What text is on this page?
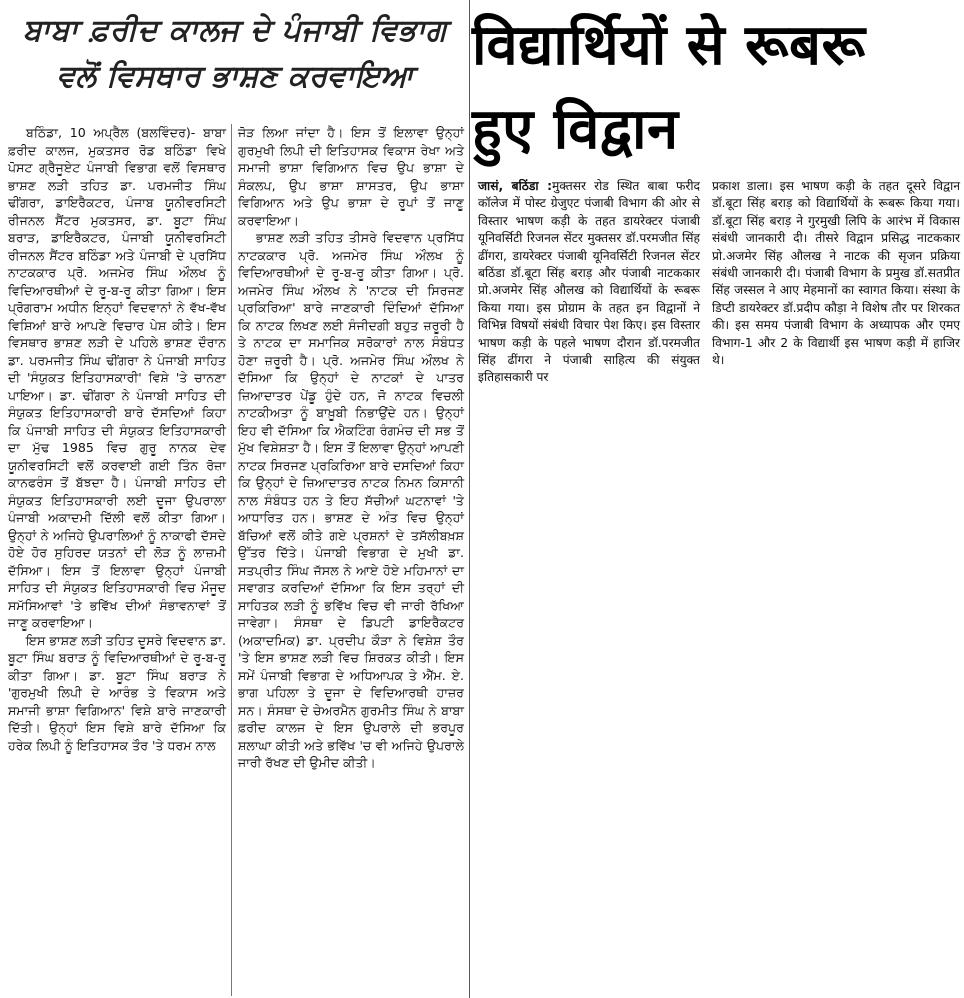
ਬਾਬਾ ਫ਼ਰੀਦ ਕਾਲਜ ਦੇ ਪੰਜਾਬੀ ਵਿਭਾਗ
ਵਲੋਂ ਵਿਸਥਾਰ ਭਾਸ਼ਣ ਕਰਵਾਇਆ

ਬਠਿੰਡਾ, 10 ਅਪ੍ਰੈਲ (ਬਲਵਿੰਦਰ)- ਬਾਬਾ ਫ਼ਰੀਦ ਕਾਲਜ, ਮੁਕਤਸਰ ਰੋਡ ਬਠਿੰਡਾ ਵਿਖੇ ਪੋਸਟ ਗ੍ਰੈਜੂਏਟ ਪੰਜਾਬੀ ਵਿਭਾਗ ਵਲੋਂ ਵਿਸਥਾਰ ਭਾਸ਼ਣ ਲੜੀ ਤਹਿਤ ਡਾ. ਪਰਮਜੀਤ ਸਿੰਘ ਢੀਂਗਰਾ, ਡਾਇਰੈਕਟਰ, ਪੰਜਾਬ ਯੂਨੀਵਰਸਿਟੀ ਰੀਜਨਲ ਸੈਂਟਰ ਮੁਕਤਸਰ, ਡਾ. ਬੂਟਾ ਸਿੰਘ ਬਰਾੜ, ਡਾਇਰੈਕਟਰ, ਪੰਜਾਬੀ ਯੂਨੀਵਰਸਿਟੀ ਰੀਜਨਲ ਸੈਂਟਰ ਬਠਿੰਡਾ ਅਤੇ ਪੰਜਾਬੀ ਦੇ ਪ੍ਰਸਿੱਧ ਨਾਟਕਕਾਰ ਪ੍ਰੋ. ਅਜਮੇਰ ਸਿੰਘ ਔਲਖ ਨੂੰ ਵਿਦਿਆਰਥੀਆਂ ਦੇ ਰੂ-ਬ-ਰੂ ਕੀਤਾ ਗਿਆ। ਇਸ ਪ੍ਰੋਗਰਾਮ ਅਧੀਨ ਇਨ੍ਹਾਂ ਵਿਦਵਾਨਾਂ ਨੇ ਵੱਖ-ਵੱਖ ਵਿਸ਼ਿਆਂ ਬਾਰੇ ਆਪਣੇ ਵਿਚਾਰ ਪੇਸ਼ ਕੀਤੇ। ਇਸ ਵਿਸਥਾਰ ਭਾਸ਼ਣ ਲੜੀ ਦੇ ਪਹਿਲੇ ਭਾਸ਼ਣ ਦੌਰਾਨ ਡਾ. ਪਰਮਜੀਤ ਸਿੰਘ ਢੀਂਗਰਾ ਨੇ ਪੰਜਾਬੀ ਸਾਹਿਤ ਦੀ 'ਸੰਯੁਕਤ ਇਤਿਹਾਸਕਾਰੀ' ਵਿਸ਼ੇ 'ਤੇ ਚਾਨਣਾ ਪਾਇਆ। ਡਾ. ਢੀਂਗਰਾ ਨੇ ਪੰਜਾਬੀ ਸਾਹਿਤ ਦੀ ਸੰਯੁਕਤ ਇਤਿਹਾਸਕਾਰੀ ਬਾਰੇ ਦੱਸਦਿਆਂ ਕਿਹਾ ਕਿ ਪੰਜਾਬੀ ਸਾਹਿਤ ਦੀ ਸੰਯੁਕਤ ਇਤਿਹਾਸਕਾਰੀ ਦਾ ਮੁੱਢ 1985 ਵਿਚ ਗੁਰੂ ਨਾਨਕ ਦੇਵ ਯੂਨੀਵਰਸਿਟੀ ਵਲੋਂ ਕਰਵਾਈ ਗਈ ਤਿੰਨ ਰੋਜ਼ਾ ਕਾਨਫਰੰਸ ਤੋਂ ਬੱਝਦਾ ਹੈ। ਪੰਜਾਬੀ ਸਾਹਿਤ ਦੀ ਸੰਯੁਕਤ ਇਤਿਹਾਸਕਾਰੀ ਲਈ ਦੂਜਾ ਉਪਰਾਲਾ ਪੰਜਾਬੀ ਅਕਾਦਮੀ ਦਿੱਲੀ ਵਲੋਂ ਕੀਤਾ ਗਿਆ। ਉਨ੍ਹਾਂ ਨੇ ਅਜਿਹੇ ਉਪਰਾਲਿਆਂ ਨੂੰ ਨਾਕਾਫੀ ਦੱਸਦੇ ਹੋਏ ਹੋਰ ਸੁਹਿਰਦ ਯਤਨਾਂ ਦੀ ਲੋੜ ਨੂੰ ਲਾਜ਼ਮੀ ਦੱਸਿਆ। ਇਸ ਤੋਂ ਇਲਾਵਾ ਉਨ੍ਹਾਂ ਪੰਜਾਬੀ ਸਾਹਿਤ ਦੀ ਸੰਯੁਕਤ ਇਤਿਹਾਸਕਾਰੀ ਵਿਚ ਮੌਜੂਦ ਸਮੱਸਿਆਵਾਂ 'ਤੇ ਭਵਿੱਖ ਦੀਆਂ ਸੰਭਾਵਨਾਵਾਂ ਤੋਂ ਜਾਣੂ ਕਰਵਾਇਆ।

ਇਸ ਭਾਸ਼ਣ ਲੜੀ ਤਹਿਤ ਦੂਸਰੇ ਵਿਦਵਾਨ ਡਾ. ਬੂਟਾ ਸਿੰਘ ਬਰਾੜ ਨੂੰ ਵਿਦਿਆਰਥੀਆਂ ਦੇ ਰੂ-ਬ-ਰੂ ਕੀਤਾ ਗਿਆ। ਡਾ. ਬੂਟਾ ਸਿੰਘ ਬਰਾੜ ਨੇ 'ਗੁਰਮੁਖੀ ਲਿਪੀ ਦੇ ਆਰੰਭ ਤੇ ਵਿਕਾਸ ਅਤੇ ਸਮਾਜੀ ਭਾਸ਼ਾ ਵਿਗਿਆਨ' ਵਿਸ਼ੇ ਬਾਰੇ ਜਾਣਕਾਰੀ ਦਿੱਤੀ। ਉਨ੍ਹਾਂ ਇਸ ਵਿਸ਼ੇ ਬਾਰੇ ਦੱਸਿਆ ਕਿ ਹਰੇਕ ਲਿਪੀ ਨੂੰ ਇਤਿਹਾਸਕ ਤੌਰ 'ਤੇ ਧਰਮ ਨਾਲ

ਜੋੜ ਲਿਆ ਜਾਂਦਾ ਹੈ। ਇਸ ਤੋਂ ਇਲਾਵਾ ਉਨ੍ਹਾਂ ਗੁਰਮੁਖੀ ਲਿਪੀ ਦੀ ਇਤਿਹਾਸਕ ਵਿਕਾਸ ਰੇਖਾ ਅਤੇ ਸਮਾਜੀ ਭਾਸ਼ਾ ਵਿਗਿਆਨ ਵਿਚ ਉਪ ਭਾਸ਼ਾ ਦੇ ਸੰਕਲਪ, ਉਪ ਭਾਸ਼ਾ ਸ਼ਾਸਤਰ, ਉਪ ਭਾਸ਼ਾ ਵਿਗਿਆਨ ਅਤੇ ਉਪ ਭਾਸ਼ਾ ਦੇ ਰੂਪਾਂ ਤੋਂ ਜਾਣੂ ਕਰਵਾਇਆ।

ਭਾਸ਼ਣ ਲੜੀ ਤਹਿਤ ਤੀਸਰੇ ਵਿਦਵਾਨ ਪ੍ਰਸਿੱਧ ਨਾਟਕਕਾਰ ਪ੍ਰੋ. ਅਜਮੇਰ ਸਿੰਘ ਔਲਖ ਨੂੰ ਵਿਦਿਆਰਥੀਆਂ ਦੇ ਰੂ-ਬ-ਰੂ ਕੀਤਾ ਗਿਆ। ਪ੍ਰੋ. ਅਜਮੇਰ ਸਿੰਘ ਔਲਖ ਨੇ 'ਨਾਟਕ ਦੀ ਸਿਰਜਣ ਪ੍ਰਕਿਰਿਆ' ਬਾਰੇ ਜਾਣਕਾਰੀ ਦਿੰਦਿਆਂ ਦੱਸਿਆ ਕਿ ਨਾਟਕ ਲਿਖਣ ਲਈ ਸੰਜੀਦਗੀ ਬਹੁਤ ਜ਼ਰੂਰੀ ਹੈ ਤੇ ਨਾਟਕ ਦਾ ਸਮਾਜਿਕ ਸਰੋਕਾਰਾਂ ਨਾਲ ਸੰਬੰਧਤ ਹੋਣਾ ਜ਼ਰੂਰੀ ਹੈ। ਪ੍ਰੋ. ਅਜਮੇਰ ਸਿੰਘ ਔਲਖ ਨੇ ਦੱਸਿਆ ਕਿ ਉਨ੍ਹਾਂ ਦੇ ਨਾਟਕਾਂ ਦੇ ਪਾਤਰ ਜ਼ਿਆਦਾਤਰ ਪੇਂਡੂ ਹੁੰਦੇ ਹਨ, ਜੋ ਨਾਟਕ ਵਿਚਲੀ ਨਾਟਕੀਅਤਾ ਨੂੰ ਬਾਖ਼ੂਬੀ ਨਿਭਾਉਂਦੇ ਹਨ। ਉਨ੍ਹਾਂ ਇਹ ਵੀ ਦੱਸਿਆ ਕਿ ਐਕਟਿੰਗ ਰੰਗਮੰਚ ਦੀ ਸਭ ਤੋਂ ਮੁੱਖ ਵਿਸ਼ੇਸ਼ਤਾ ਹੈ। ਇਸ ਤੋਂ ਇਲਾਵਾ ਉਨ੍ਹਾਂ ਆਪਣੀ ਨਾਟਕ ਸਿਰਜਣ ਪ੍ਰਕਿਰਿਆ ਬਾਰੇ ਦਸਦਿਆਂ ਕਿਹਾ ਕਿ ਉਨ੍ਹਾਂ ਦੇ ਜ਼ਿਆਦਾਤਰ ਨਾਟਕ ਨਿਮਨ ਕਿਸਾਨੀ ਨਾਲ ਸੰਬੰਧਤ ਹਨ ਤੇ ਇਹ ਸੱਚੀਆਂ ਘਟਨਾਵਾਂ 'ਤੇ ਆਧਾਰਿਤ ਹਨ। ਭਾਸ਼ਣ ਦੇ ਅੰਤ ਵਿਚ ਉਨ੍ਹਾਂ ਬੱਚਿਆਂ ਵਲੋਂ ਕੀਤੇ ਗਏ ਪ੍ਰਸ਼ਨਾਂ ਦੇ ਤਸੱਲੀਬਖ਼ਸ਼ ਉੱਤਰ ਦਿੱਤੇ। ਪੰਜਾਬੀ ਵਿਭਾਗ ਦੇ ਮੁਖੀ ਡਾ. ਸਤਪ੍ਰੀਤ ਸਿੰਘ ਜੱਸਲ ਨੇ ਆਏ ਹੋਏ ਮਹਿਮਾਨਾਂ ਦਾ ਸਵਾਗਤ ਕਰਦਿਆਂ ਦੱਸਿਆ ਕਿ ਇਸ ਤਰ੍ਹਾਂ ਦੀ ਸਾਹਿਤਕ ਲੜੀ ਨੂੰ ਭਵਿੱਖ ਵਿਚ ਵੀ ਜਾਰੀ ਰੱਖਿਆ ਜਾਵੇਗਾ। ਸੰਸਥਾ ਦੇ ਡਿਪਟੀ ਡਾਇਰੈਕਟਰ (ਅਕਾਦਮਿਕ) ਡਾ. ਪ੍ਰਦੀਪ ਕੌੜਾ ਨੇ ਵਿਸ਼ੇਸ਼ ਤੌਰ 'ਤੇ ਇਸ ਭਾਸ਼ਣ ਲੜੀ ਵਿਚ ਸ਼ਿਰਕਤ ਕੀਤੀ। ਇਸ ਸਮੇਂ ਪੰਜਾਬੀ ਵਿਭਾਗ ਦੇ ਅਧਿਆਪਕ ਤੇ ਐੱਮ. ਏ. ਭਾਗ ਪਹਿਲਾ ਤੇ ਦੂਜਾ ਦੇ ਵਿਦਿਆਰਥੀ ਹਾਜ਼ਰ ਸਨ। ਸੰਸਥਾ ਦੇ ਚੇਅਰਮੈਨ ਗੁਰਮੀਤ ਸਿੰਘ ਨੇ ਬਾਬਾ ਫ਼ਰੀਦ ਕਾਲਜ ਦੇ ਇਸ ਉਪਰਾਲੇ ਦੀ ਭਰਪੂਰ ਸ਼ਲਾਘਾ ਕੀਤੀ ਅਤੇ ਭਵਿੱਖ 'ਚ ਵੀ ਅਜਿਹੇ ਉਪਰਾਲੇ ਜਾਰੀ ਰੱਖਣ ਦੀ ਉਮੀਦ ਕੀਤੀ।

विद्यार्थियों से रूबरू
हुए विद्वान

जासं, बठिंडा :मुक्तसर रोड स्थित बाबा फरीद कॉलेज में पोस्ट ग्रेजुएट पंजाबी विभाग की ओर से विस्तार भाषण कड़ी के तहत डायरेक्टर पंजाबी यूनिवर्सिटी रिजनल सेंटर मुक्तसर डॉ.परमजीत सिंह ढींगरा, डायरेक्टर पंजाबी यूनिवर्सिटी रिजनल सेंटर बठिंडा डॉ.बूटा सिंह बराड़ और पंजाबी नाटककार प्रो.अजमेर सिंह औलख को विद्यार्थियों के रूबरू किया गया। इस प्रोग्राम के तहत इन विद्वानों ने विभिन्न विषयों संबंधी विचार पेश किए। इस विस्तार भाषण कड़ी के पहले भाषण दौरान डॉ.परमजीत सिंह ढींगरा ने पंजाबी साहित्य की संयुक्त इतिहासकारी पर

प्रकाश डाला। इस भाषण कड़ी के तहत दूसरे विद्वान डॉ.बूटा सिंह बराड़ को विद्यार्थियों के रूबरू किया गया। डॉ.बूटा सिंह बराड़ ने गुरमुखी लिपि के आरंभ में विकास संबंधी जानकारी दी। तीसरे विद्वान प्रसिद्ध नाटककार प्रो.अजमेर सिंह औलख ने नाटक की सृजन प्रक्रिया संबंधी जानकारी दी। पंजाबी विभाग के प्रमुख डॉ.सतप्रीत सिंह जस्सल ने आए मेहमानों का स्वागत किया। संस्था के डिप्टी डायरेक्टर डॉ.प्रदीप कौड़ा ने विशेष तौर पर शिरकत की। इस समय पंजाबी विभाग के अध्यापक और एमए विभाग-1 और 2 के विद्यार्थी इस भाषण कड़ी में हाजिर थे।
